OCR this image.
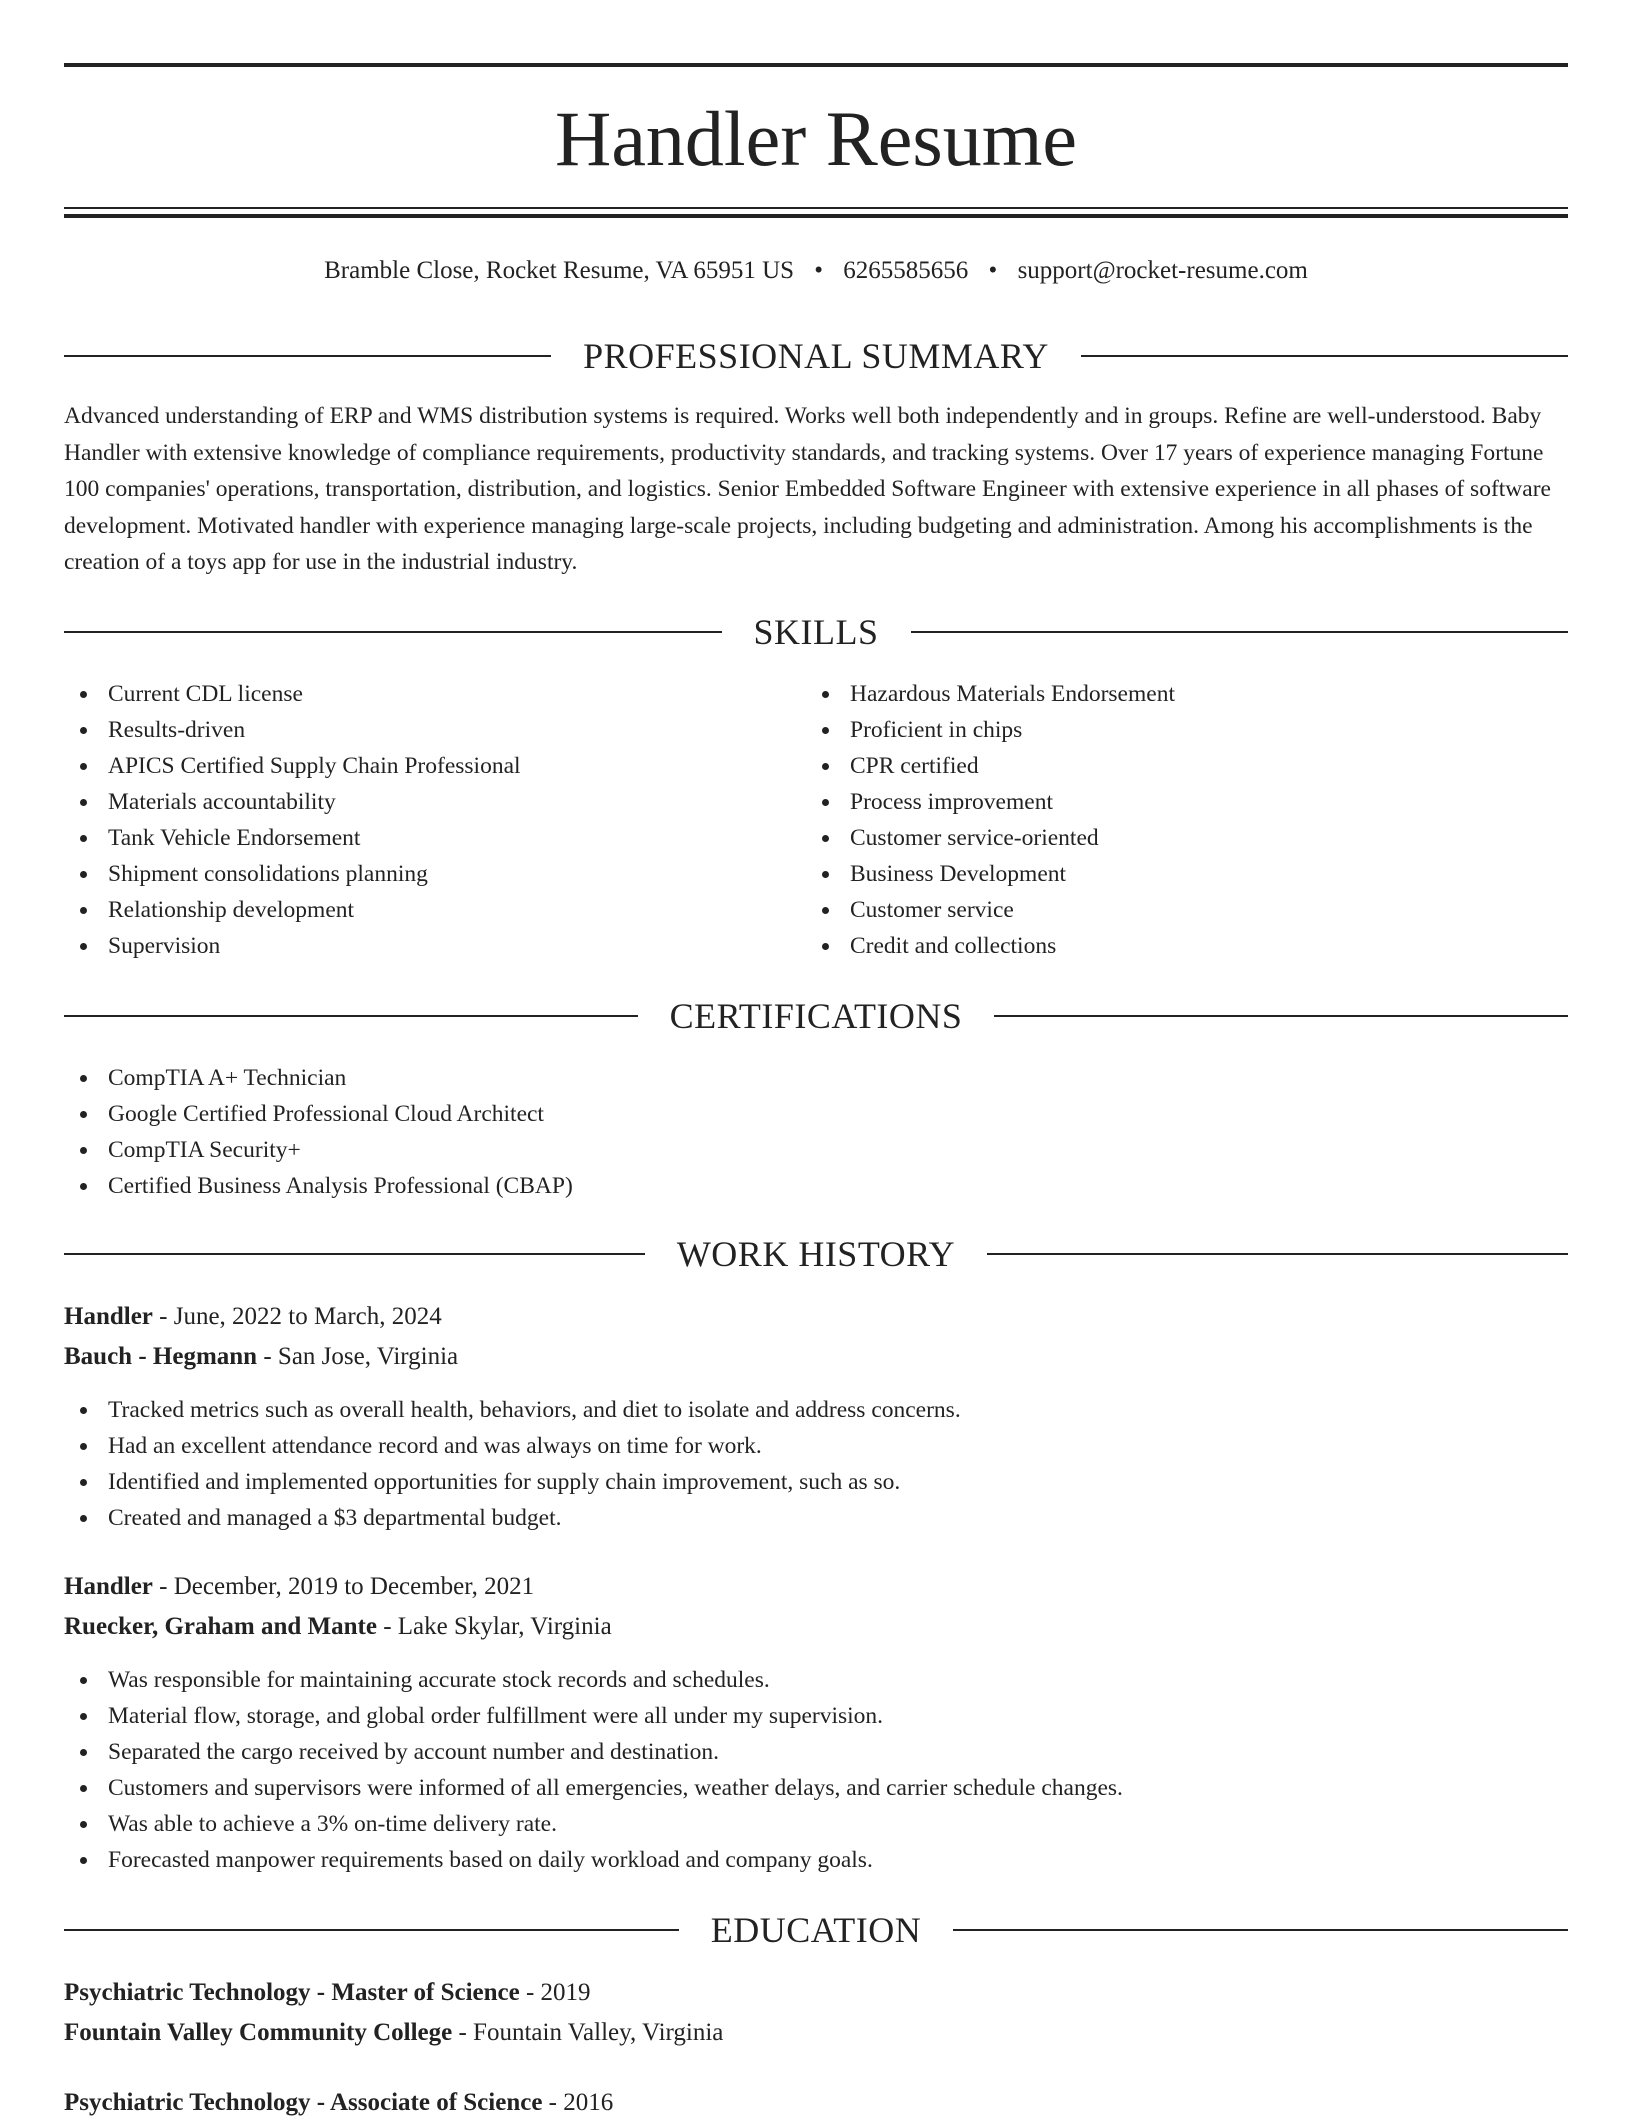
Handler Resume
Bramble Close, Rocket Resume, VA 65951 US • 6265585656 • support@rocket-resume.com
PROFESSIONAL SUMMARY

Advanced understanding of ERP and WMS distribution systems is required. Works well both independently and in groups. Refine are well-understood. Baby Handler with extensive knowledge of compliance requirements, productivity standards, and tracking systems. Over 17 years of experience managing Fortune 100 companies' operations, transportation, distribution, and logistics. Senior Embedded Software Engineer with extensive experience in all phases of software development. Motivated handler with experience managing large-scale projects, including budgeting and administration. Among his accomplishments is the creation of a toys app for use in the industrial industry.

SKILLS
Current CDL license
Results-driven
APICS Certified Supply Chain Professional
Materials accountability
Tank Vehicle Endorsement
Shipment consolidations planning
Relationship development
Supervision
Hazardous Materials Endorsement
Proficient in chips
CPR certified
Process improvement
Customer service-oriented
Business Development
Customer service
Credit and collections
CERTIFICATIONS
CompTIA A+ Technician
Google Certified Professional Cloud Architect
CompTIA Security+
Certified Business Analysis Professional (CBAP)
WORK HISTORY
Handler - June, 2022 to March, 2024
Bauch - Hegmann - San Jose, Virginia
Tracked metrics such as overall health, behaviors, and diet to isolate and address concerns.
Had an excellent attendance record and was always on time for work.
Identified and implemented opportunities for supply chain improvement, such as so.
Created and managed a $3 departmental budget.
Handler - December, 2019 to December, 2021
Ruecker, Graham and Mante - Lake Skylar, Virginia
Was responsible for maintaining accurate stock records and schedules.
Material flow, storage, and global order fulfillment were all under my supervision.
Separated the cargo received by account number and destination.
Customers and supervisors were informed of all emergencies, weather delays, and carrier schedule changes.
Was able to achieve a 3% on-time delivery rate.
Forecasted manpower requirements based on daily workload and company goals.
EDUCATION
Psychiatric Technology - Master of Science - 2019
Fountain Valley Community College - Fountain Valley, Virginia
Psychiatric Technology - Associate of Science - 2016
